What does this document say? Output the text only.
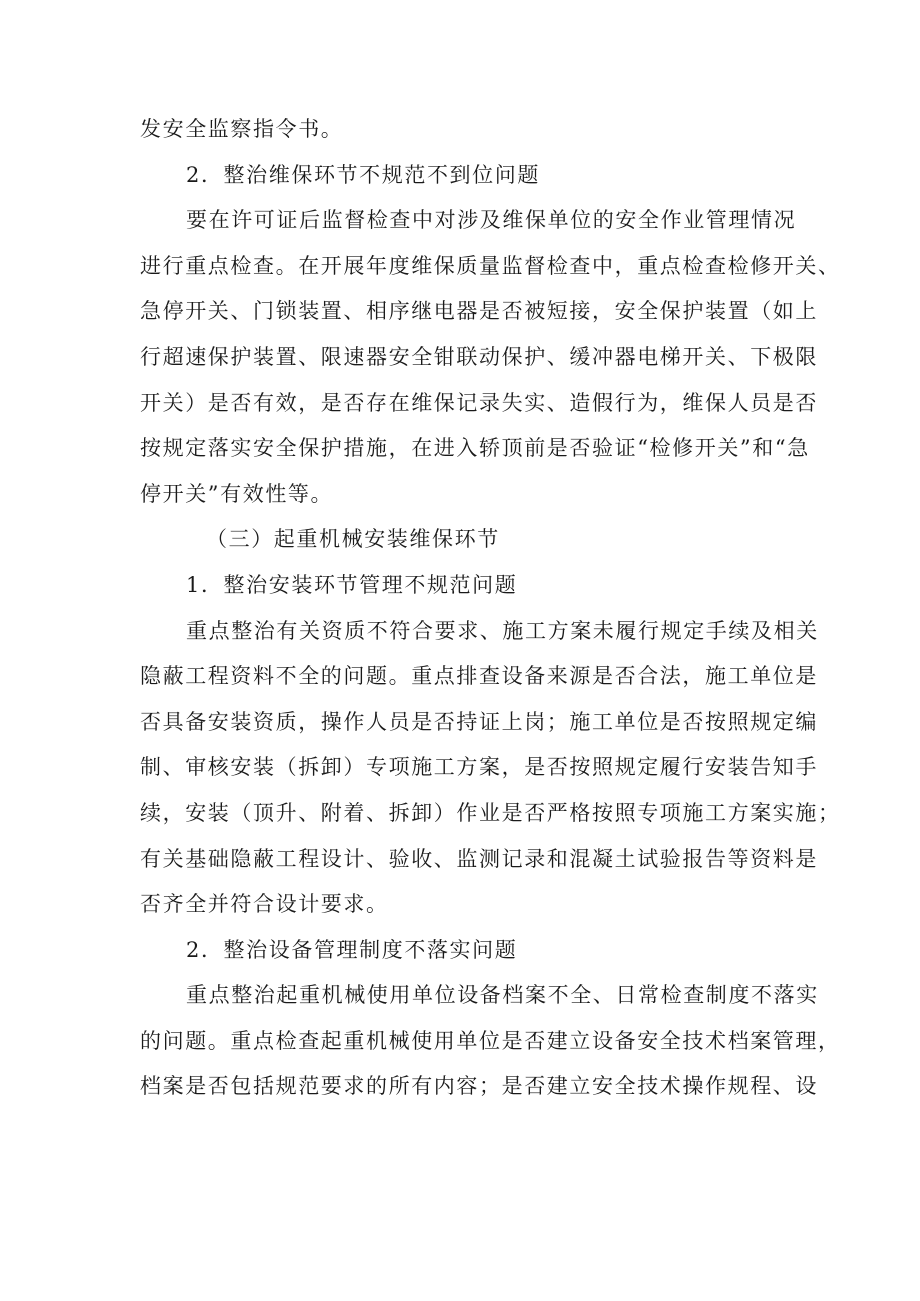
发安全监察指令书。
2．整治维保环节不规范不到位问题
要在许可证后监督检查中对涉及维保单位的安全作业管理情况
进行重点检查。在开展年度维保质量监督检查中，重点检查检修开关、
急停开关、门锁装置、相序继电器是否被短接，安全保护装置（如上
行超速保护装置、限速器安全钳联动保护、缓冲器电梯开关、下极限
开关）是否有效，是否存在维保记录失实、造假行为，维保人员是否
按规定落实安全保护措施，在进入轿顶前是否验证“检修开关”和“急
停开关”有效性等。
（三）起重机械安装维保环节
1．整治安装环节管理不规范问题
重点整治有关资质不符合要求、施工方案未履行规定手续及相关
隐蔽工程资料不全的问题。重点排查设备来源是否合法，施工单位是
否具备安装资质，操作人员是否持证上岗；施工单位是否按照规定编
制、审核安装（拆卸）专项施工方案，是否按照规定履行安装告知手
续，安装（顶升、附着、拆卸）作业是否严格按照专项施工方案实施；
有关基础隐蔽工程设计、验收、监测记录和混凝土试验报告等资料是
否齐全并符合设计要求。
2．整治设备管理制度不落实问题
重点整治起重机械使用单位设备档案不全、日常检查制度不落实
的问题。重点检查起重机械使用单位是否建立设备安全技术档案管理，
档案是否包括规范要求的所有内容；是否建立安全技术操作规程、设
